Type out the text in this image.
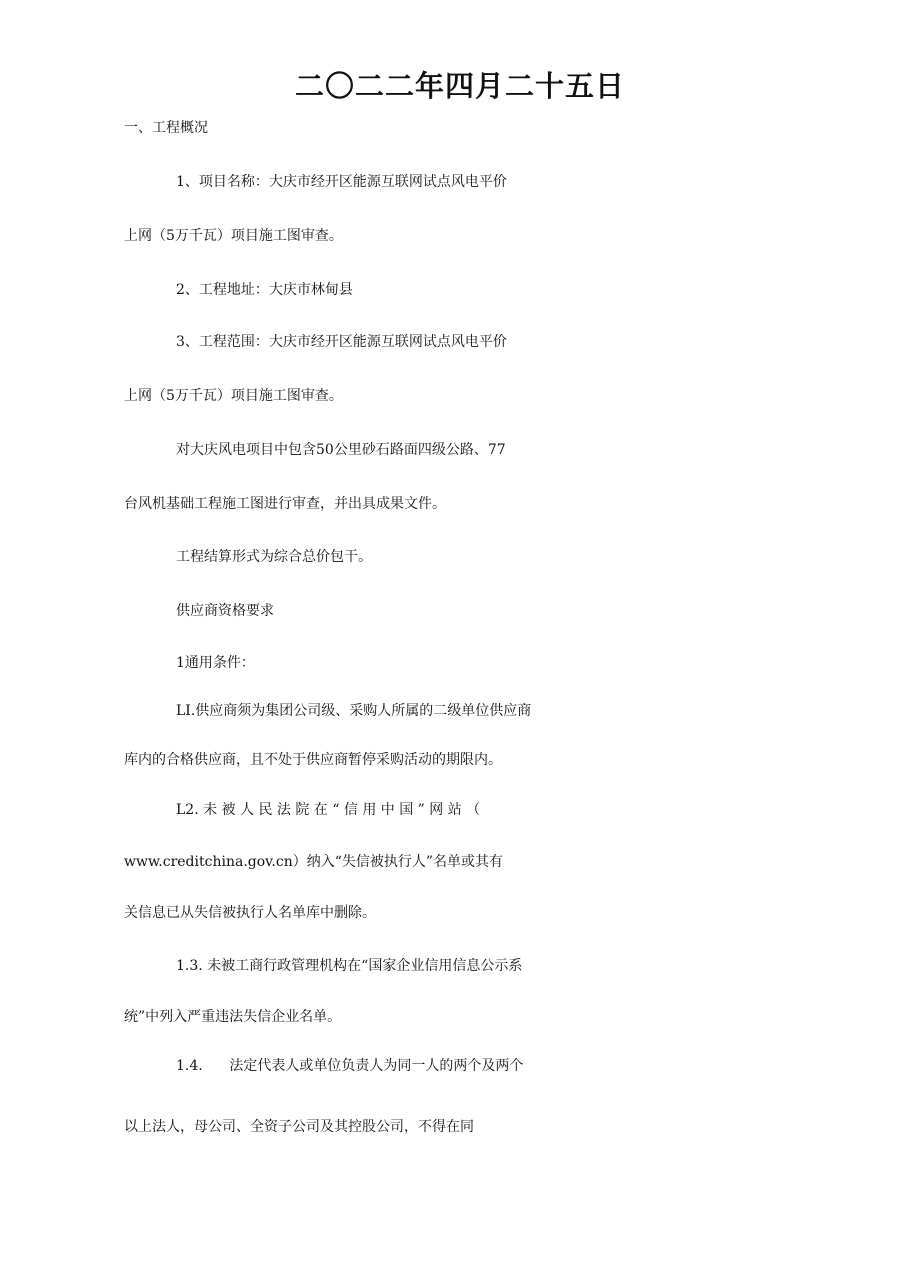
二〇二二年四月二十五日
一、工程概况
1、项目名称：大庆市经开区能源互联网试点风电平价
上网（5万千瓦）项目施工图审查。
2、工程地址：大庆市林甸县
3、工程范围：大庆市经开区能源互联网试点风电平价
上网（5万千瓦）项目施工图审查。
对大庆风电项目中包含50公里砂石路面四级公路、77
台风机基础工程施工图进行审查，并出具成果文件。
工程结算形式为综合总价包干。
供应商资格要求
1通用条件：
LI.供应商须为集团公司级、采购人所属的二级单位供应商
库内的合格供应商，且不处于供应商暂停采购活动的期限内。
L2. 未 被 人 民 法 院 在 “ 信 用 中 国 ” 网 站 （
www.creditchina.gov.cn）纳入“失信被执行人”名单或其有
关信息已从失信被执行人名单库中删除。
1.3. 未被工商行政管理机构在“国家企业信用信息公示系
统”中列入严重违法失信企业名单。
1.4.      法定代表人或单位负责人为同一人的两个及两个
以上法人，母公司、全资子公司及其控股公司，不得在同
